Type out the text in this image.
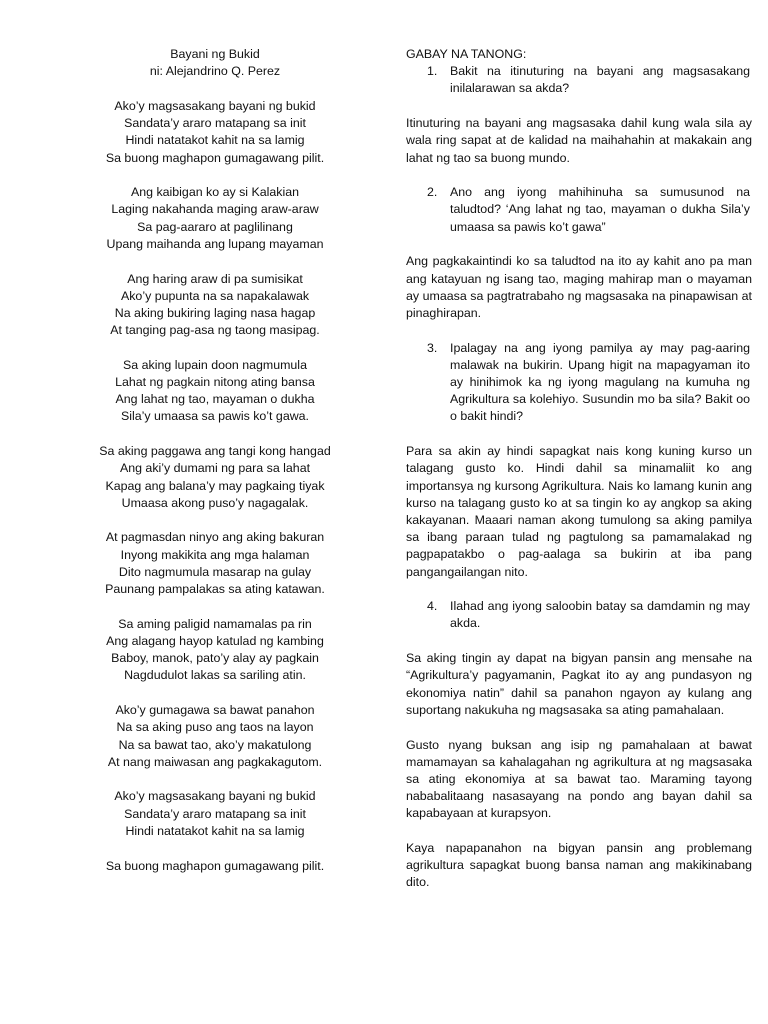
Bayani ng Bukid

ni: Alejandrino Q. Perez

Ako’y magsasakang bayani ng bukid

Sandata’y araro matapang sa init

Hindi natatakot kahit na sa lamig

Sa buong maghapon gumagawang pilit.

Ang kaibigan ko ay si Kalakian

Laging nakahanda maging araw-araw

Sa pag-aararo at paglilinang

Upang maihanda ang lupang mayaman

Ang haring araw di pa sumisikat

Ako’y pupunta na sa napakalawak

Na aking bukiring laging nasa hagap

At tanging pag-asa ng taong masipag.

Sa aking lupain doon nagmumula

Lahat ng pagkain nitong ating bansa

Ang lahat ng tao, mayaman o dukha

Sila’y umaasa sa pawis ko’t gawa.

Sa aking paggawa ang tangi kong hangad

Ang aki’y dumami ng para sa lahat

Kapag ang balana’y may pagkaing tiyak

Umaasa akong puso’y nagagalak.

At pagmasdan ninyo ang aking bakuran

Inyong makikita ang mga halaman

Dito nagmumula masarap na gulay

Paunang pampalakas sa ating katawan.

Sa aming paligid namamalas pa rin

Ang alagang hayop katulad ng kambing

Baboy, manok, pato’y alay ay pagkain

Nagdudulot lakas sa sariling atin.

Ako’y gumagawa sa bawat panahon

Na sa aking puso ang taos na layon

Na sa bawat tao, ako’y makatulong

At nang maiwasan ang pagkakagutom.

Ako’y magsasakang bayani ng bukid

Sandata’y araro matapang sa init

Hindi natatakot kahit na sa lamig

Sa buong maghapon gumagawang pilit.

GABAY NA TANONG:

1. Bakit na itinuturing na bayani ang magsasakang inilalarawan sa akda?

Itinuturing na bayani ang magsasaka dahil kung wala sila ay wala ring sapat at de kalidad na maihahahin at makakain ang lahat ng tao sa buong mundo.

2. Ano ang iyong mahihinuha sa sumusunod na taludtod? ‘Ang lahat ng tao, mayaman o dukha Sila’y umaasa sa pawis ko’t gawa”

Ang pagkakaintindi ko sa taludtod na ito ay kahit ano pa man ang katayuan ng isang tao, maging mahirap man o mayaman ay umaasa sa pagtratrabaho ng magsasaka na pinapawisan at pinaghirapan.

3. Ipalagay na ang iyong pamilya ay may pag-aaring malawak na bukirin. Upang higit na mapagyaman ito ay hinihimok ka ng iyong magulang na kumuha ng Agrikultura sa kolehiyo. Susundin mo ba sila? Bakit oo o bakit hindi?

Para sa akin ay hindi sapagkat nais kong kuning kurso un talagang gusto ko. Hindi dahil sa minamaliit ko ang importansya ng kursong Agrikultura. Nais ko lamang kunin ang kurso na talagang gusto ko at sa tingin ko ay angkop sa aking kakayanan. Maaari naman akong tumulong sa aking pamilya sa ibang paraan tulad ng pagtulong sa pamamalakad ng pagpapatakbo o pag-aalaga sa bukirin at iba pang pangangailangan nito.

4. Ilahad ang iyong saloobin batay sa damdamin ng may akda.

Sa aking tingin ay dapat na bigyan pansin ang mensahe na “Agrikultura’y pagyamanin, Pagkat ito ay ang pundasyon ng ekonomiya natin” dahil sa panahon ngayon ay kulang ang suportang nakukuha ng magsasaka sa ating pamahalaan.

Gusto nyang buksan ang isip ng pamahalaan at bawat mamamayan sa kahalagahan ng agrikultura at ng magsasaka sa ating ekonomiya at sa bawat tao. Maraming tayong nababalitaang nasasayang na pondo ang bayan dahil sa kapabayaan at kurapsyon.

Kaya napapanahon na bigyan pansin ang problemang agrikultura sapagkat buong bansa naman ang makikinabang dito.
